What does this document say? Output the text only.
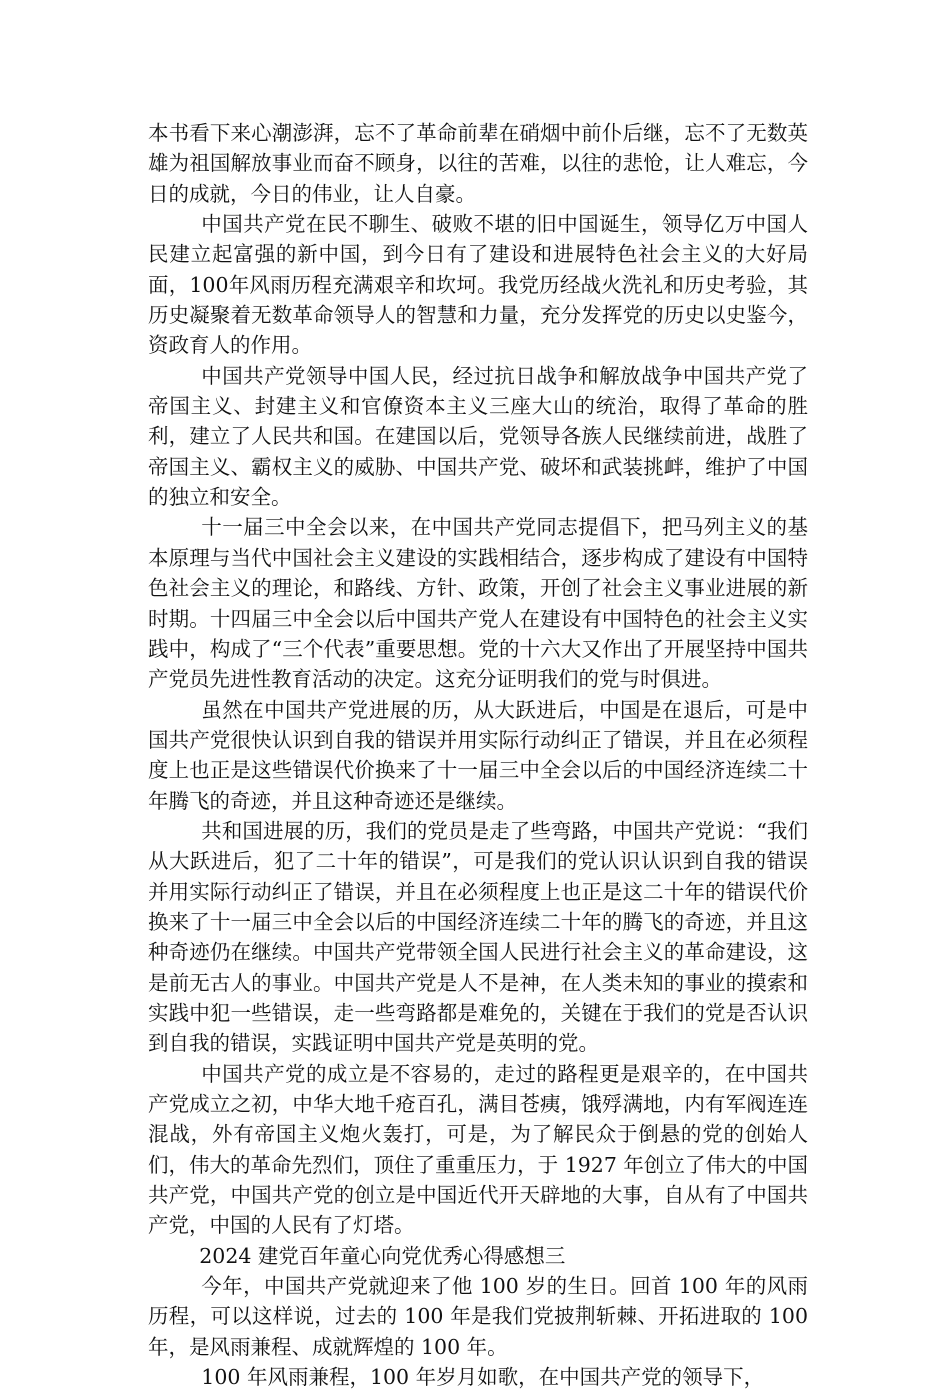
本书看下来心潮澎湃，忘不了革命前辈在硝烟中前仆后继，忘不了无数英雄为祖国解放事业而奋不顾身，以往的苦难，以往的悲怆，让人难忘，今日的成就，今日的伟业，让人自豪。

中国共产党在民不聊生、破败不堪的旧中国诞生，领导亿万中国人民建立起富强的新中国，到今日有了建设和进展特色社会主义的大好局面，100年风雨历程充满艰辛和坎坷。我党历经战火洗礼和历史考验，其历史凝聚着无数革命领导人的智慧和力量，充分发挥党的历史以史鉴今，资政育人的作用。

中国共产党领导中国人民，经过抗日战争和解放战争中国共产党了帝国主义、封建主义和官僚资本主义三座大山的统治，取得了革命的胜利，建立了人民共和国。在建国以后，党领导各族人民继续前进，战胜了帝国主义、霸权主义的威胁、中国共产党、破坏和武装挑衅，维护了中国的独立和安全。

十一届三中全会以来，在中国共产党同志提倡下，把马列主义的基本原理与当代中国社会主义建设的实践相结合，逐步构成了建设有中国特色社会主义的理论，和路线、方针、政策，开创了社会主义事业进展的新时期。十四届三中全会以后中国共产党人在建设有中国特色的社会主义实践中，构成了“三个代表”重要思想。党的十六大又作出了开展坚持中国共产党员先进性教育活动的决定。这充分证明我们的党与时俱进。

虽然在中国共产党进展的历，从大跃进后，中国是在退后，可是中国共产党很快认识到自我的错误并用实际行动纠正了错误，并且在必须程度上也正是这些错误代价换来了十一届三中全会以后的中国经济连续二十年腾飞的奇迹，并且这种奇迹还是继续。

共和国进展的历，我们的党员是走了些弯路，中国共产党说：“我们从大跃进后，犯了二十年的错误”，可是我们的党认识认识到自我的错误并用实际行动纠正了错误，并且在必须程度上也正是这二十年的错误代价换来了十一届三中全会以后的中国经济连续二十年的腾飞的奇迹，并且这种奇迹仍在继续。中国共产党带领全国人民进行社会主义的革命建设，这是前无古人的事业。中国共产党是人不是神，在人类未知的事业的摸索和实践中犯一些错误，走一些弯路都是难免的，关键在于我们的党是否认识到自我的错误，实践证明中国共产党是英明的党。

中国共产党的成立是不容易的，走过的路程更是艰辛的，在中国共产党成立之初，中华大地千疮百孔，满目苍痍，饿殍满地，内有军阀连连混战，外有帝国主义炮火轰打，可是，为了解民众于倒悬的党的创始人们，伟大的革命先烈们，顶住了重重压力，于 1927 年创立了伟大的中国共产党，中国共产党的创立是中国近代开天辟地的大事，自从有了中国共产党，中国的人民有了灯塔。

2024 建党百年童心向党优秀心得感想三

今年，中国共产党就迎来了他 100 岁的生日。回首 100 年的风雨历程，可以这样说，过去的 100 年是我们党披荆斩棘、开拓进取的 100 年，是风雨兼程、成就辉煌的 100 年。

100 年风雨兼程，100 年岁月如歌，在中国共产党的领导下，
